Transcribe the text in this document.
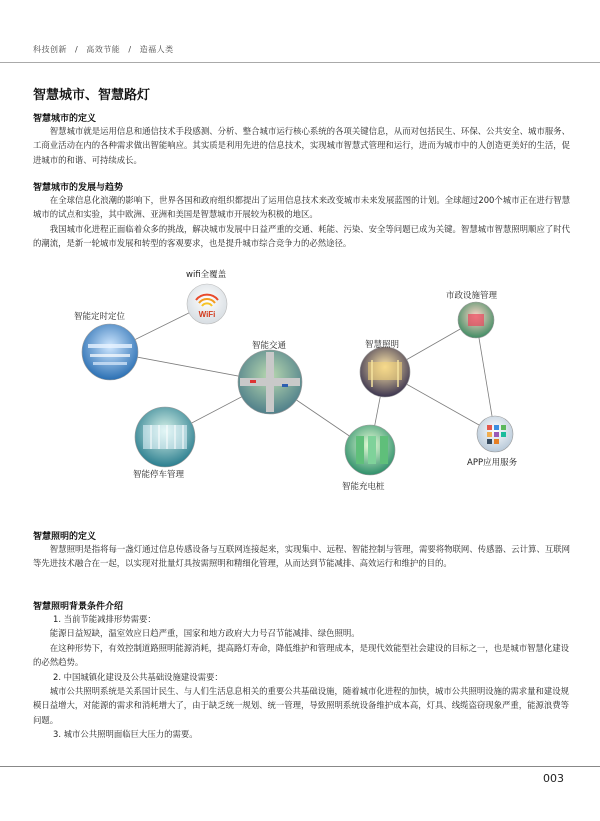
科技创新 / 高效节能 / 造福人类
智慧城市、智慧路灯
智慧城市的定义

智慧城市就是运用信息和通信技术手段感测、分析、整合城市运行核心系统的各项关键信息，从而对包括民生、环保、公共安全、城市服务、工商业活动在内的各种需求做出智能响应。其实质是利用先进的信息技术，实现城市智慧式管理和运行，进而为城市中的人创造更美好的生活，促进城市的和谐、可持续成长。

智慧城市的发展与趋势

在全球信息化浪潮的影响下，世界各国和政府组织都提出了运用信息技术来改变城市未来发展蓝图的计划。全球超过200个城市正在进行智慧城市的试点和实验，其中欧洲、亚洲和美国是智慧城市开展较为积极的地区。

我国城市化进程正面临着众多的挑战，解决城市发展中日益严重的交通、耗能、污染、安全等问题已成为关键。智慧城市智慧照明顺应了时代的潮流，是新一轮城市发展和转型的客观要求，也是提升城市综合竞争力的必然途径。

WiFi
wifi全覆盖
智能定时定位
智能交通	智慧照明
市政设施管理
智能停车管理
智能充电桩
APP应用服务
智慧照明的定义

智慧照明是指将每一盏灯通过信息传感设备与互联网连接起来，实现集中、远程、智能控制与管理，需要将物联网、传感器、云计算、互联网等先进技术融合在一起，以实现对批量灯具按需照明和精细化管理，从而达到节能减排、高效运行和维护的目的。

智慧照明背景条件介绍

1. 当前节能减排形势需要：

能源日益短缺，温室效应日趋严重，国家和地方政府大力号召节能减排、绿色照明。

在这种形势下，有效控制道路照明能源消耗，提高路灯寿命，降低维护和管理成本，是现代效能型社会建设的目标之一，也是城市智慧化建设的必然趋势。

2. 中国城镇化建设及公共基础设施建设需要：

城市公共照明系统是关系国计民生、与人们生活息息相关的重要公共基础设施，随着城市化进程的加快，城市公共照明设施的需求量和建设规模日益增大，对能源的需求和消耗增大了，由于缺乏统一规划、统一管理，导致照明系统设备维护成本高，灯具、线缆盗窃现象严重，能源浪费等问题。

3. 城市公共照明面临巨大压力的需要。

003
